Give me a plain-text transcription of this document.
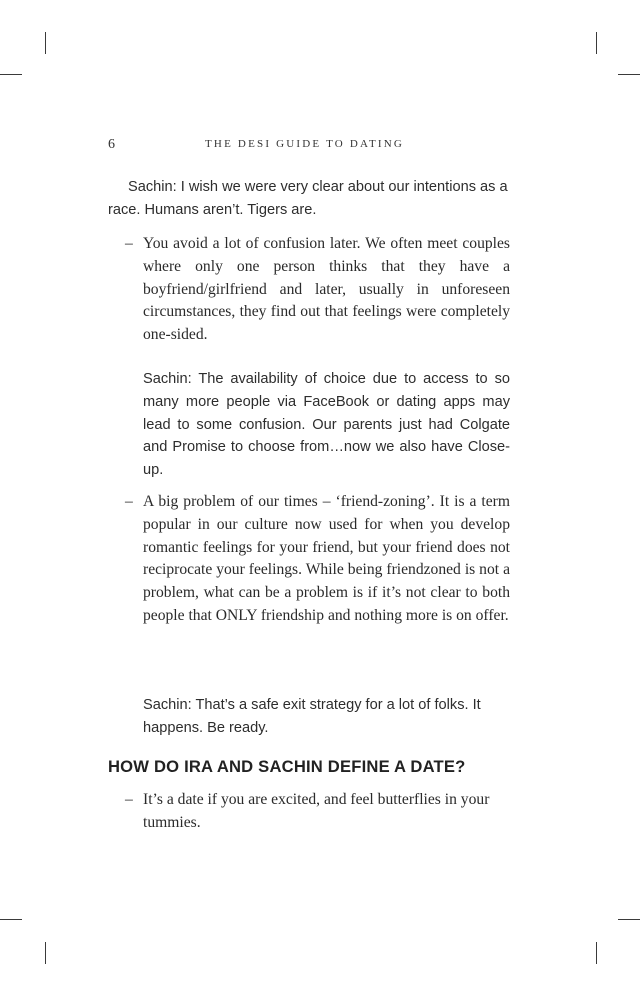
6	THE DESI GUIDE TO DATING

Sachin: I wish we were very clear about our intentions as a race. Humans aren’t. Tigers are.

– You avoid a lot of confusion later. We often meet couples where only one person thinks that they have a boyfriend/girlfriend and later, usually in unforeseen circumstances, they find out that feelings were completely one-sided.

Sachin: The availability of choice due to access to so many more people via FaceBook or dating apps may lead to some confusion. Our parents just had Colgate and Promise to choose from…now we also have Close-up.

– A big problem of our times – ‘friend-zoning’. It is a term popular in our culture now used for when you develop romantic feelings for your friend, but your friend does not reciprocate your feelings. While being friendzoned is not a problem, what can be a problem is if it’s not clear to both people that ONLY friendship and nothing more is on offer.

Sachin: That’s a safe exit strategy for a lot of folks. It happens. Be ready.

HOW DO IRA AND SACHIN DEFINE A DATE?
– It’s a date if you are excited, and feel butterflies in your tummies.
